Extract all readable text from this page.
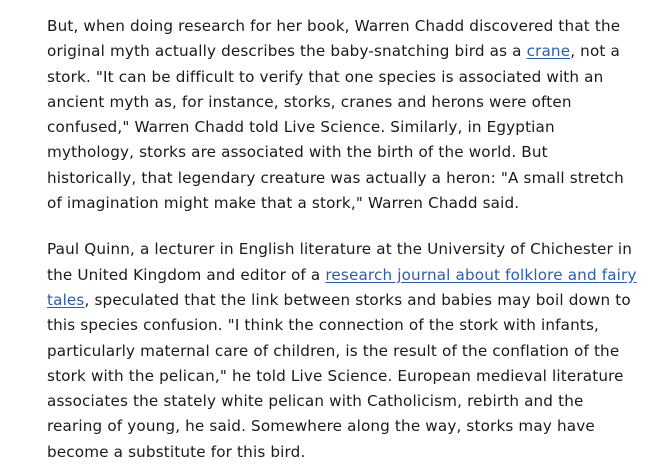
But, when doing research for her book, Warren Chadd discovered that the original myth actually describes the baby-snatching bird as a crane, not a stork. "It can be difficult to verify that one species is associated with an ancient myth as, for instance, storks, cranes and herons were often confused," Warren Chadd told Live Science. Similarly, in Egyptian mythology, storks are associated with the birth of the world. But historically, that legendary creature was actually a heron: "A small stretch of imagination might make that a stork," Warren Chadd said.

Paul Quinn, a lecturer in English literature at the University of Chichester in the United Kingdom and editor of a research journal about folklore and fairy tales, speculated that the link between storks and babies may boil down to this species confusion. "I think the connection of the stork with infants, particularly maternal care of children, is the result of the conflation of the stork with the pelican," he told Live Science. European medieval literature associates the stately white pelican with Catholicism, rebirth and the rearing of young, he said. Somewhere along the way, storks may have become a substitute for this bird.​
